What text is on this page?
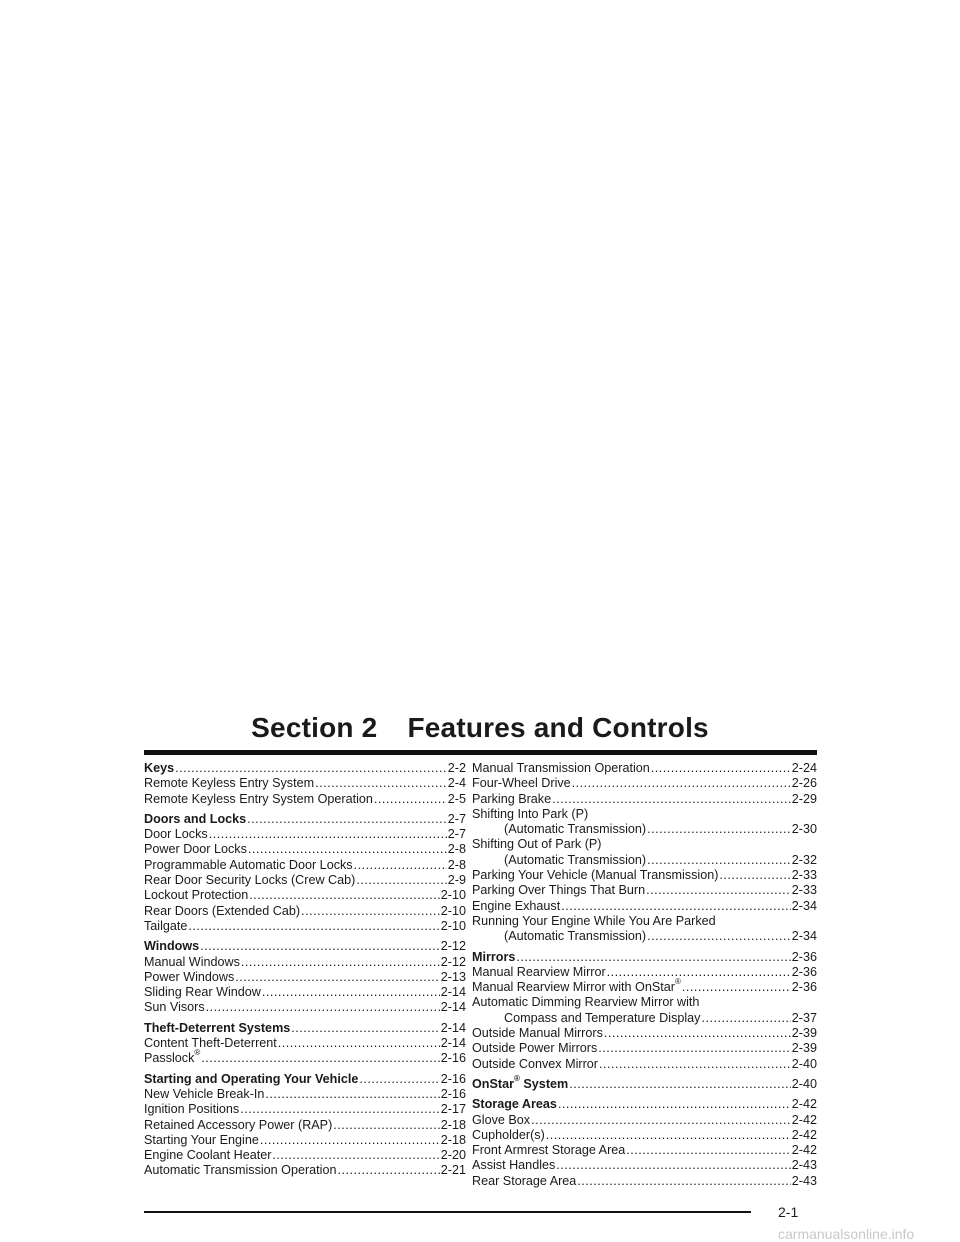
Section 2 Features and Controls
Keys .....	2-2
Remote Keyless Entry System .....	2-4
Remote Keyless Entry System Operation .....	2-5
Doors and Locks .....	2-7
Door Locks .....	2-7
Power Door Locks .....	2-8
Programmable Automatic Door Locks .....	2-8
Rear Door Security Locks (Crew Cab) .....	2-9
Lockout Protection .....	2-10
Rear Doors (Extended Cab) .....	2-10
Tailgate .....	2-10
Windows .....	2-12
Manual Windows .....	2-12
Power Windows .....	2-13
Sliding Rear Window .....	2-14
Sun Visors .....	2-14
Theft-Deterrent Systems .....	2-14
Content Theft-Deterrent .....	2-14
Passlock® .....	2-16
Starting and Operating Your Vehicle .....	2-16
New Vehicle Break-In .....	2-16
Ignition Positions .....	2-17
Retained Accessory Power (RAP) .....	2-18
Starting Your Engine .....	2-18
Engine Coolant Heater .....	2-20
Automatic Transmission Operation .....	2-21
Manual Transmission Operation .....	2-24
Four-Wheel Drive .....	2-26
Parking Brake .....	2-29
Shifting Into Park (P)
(Automatic Transmission) .....	2-30
Shifting Out of Park (P)
(Automatic Transmission) .....	2-32
Parking Your Vehicle (Manual Transmission) .....	2-33
Parking Over Things That Burn .....	2-33
Engine Exhaust .....	2-34
Running Your Engine While You Are Parked
(Automatic Transmission) .....	2-34
Mirrors .....	2-36
Manual Rearview Mirror .....	2-36
Manual Rearview Mirror with OnStar® .....	2-36
Automatic Dimming Rearview Mirror with
Compass and Temperature Display .....	2-37
Outside Manual Mirrors .....	2-39
Outside Power Mirrors .....	2-39
Outside Convex Mirror .....	2-40
OnStar® System .....	2-40
Storage Areas .....	2-42
Glove Box .....	2-42
Cupholder(s) .....	2-42
Front Armrest Storage Area .....	2-42
Assist Handles .....	2-43
Rear Storage Area .....	2-43
2-1
carmanualsonline.info
